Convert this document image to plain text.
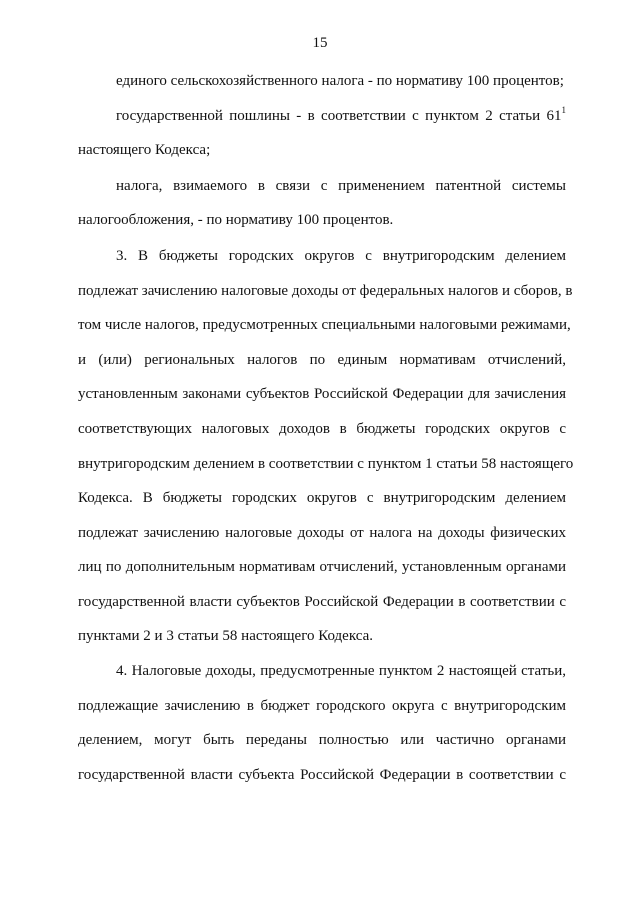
15
единого сельскохозяйственного налога - по нормативу 100 процентов;
государственной пошлины - в соответствии с пунктом 2 статьи $61^1$
настоящего Кодекса;
налога, взимаемого в связи с применением патентной системы
налогообложения, - по нормативу 100 процентов.
3. В бюджеты городских округов с внутригородским делением
подлежат зачислению налоговые доходы от федеральных налогов и сборов, в
том числе налогов, предусмотренных специальными налоговыми режимами,
и (или) региональных налогов по единым нормативам отчислений,
установленным законами субъектов Российской Федерации для зачисления
соответствующих налоговых доходов в бюджеты городских округов с
внутригородским делением в соответствии с пунктом 1 статьи 58 настоящего
Кодекса. В бюджеты городских округов с внутригородским делением
подлежат зачислению налоговые доходы от налога на доходы физических
лиц по дополнительным нормативам отчислений, установленным органами
государственной власти субъектов Российской Федерации в соответствии с
пунктами 2 и 3 статьи 58 настоящего Кодекса.
4. Налоговые доходы, предусмотренные пунктом 2 настоящей статьи,
подлежащие зачислению в бюджет городского округа с внутригородским
делением, могут быть переданы полностью или частично органами
государственной власти субъекта Российской Федерации в соответствии с
